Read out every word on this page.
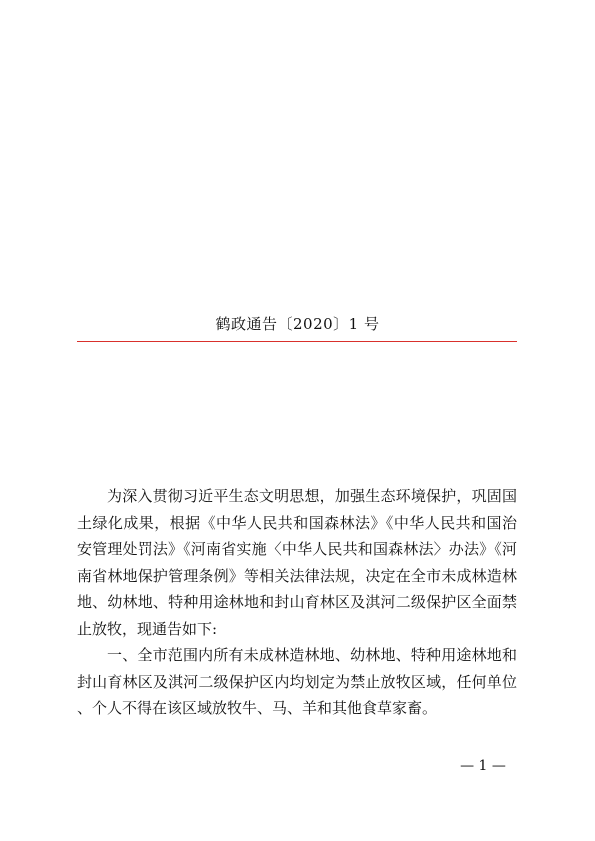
鹤政通告〔2020〕1 号

为深入贯彻习近平生态文明思想，加强生态环境保护，巩固国土绿化成果，根据《中华人民共和国森林法》《中华人民共和国治安管理处罚法》《河南省实施〈中华人民共和国森林法〉办法》《河南省林地保护管理条例》等相关法律法规，决定在全市未成林造林地、幼林地、特种用途林地和封山育林区及淇河二级保护区全面禁止放牧，现通告如下:

一、全市范围内所有未成林造林地、幼林地、特种用途林地和封山育林区及淇河二级保护区内均划定为禁止放牧区域，任何单位、个人不得在该区域放牧牛、马、羊和其他食草家畜。

— 1 —
